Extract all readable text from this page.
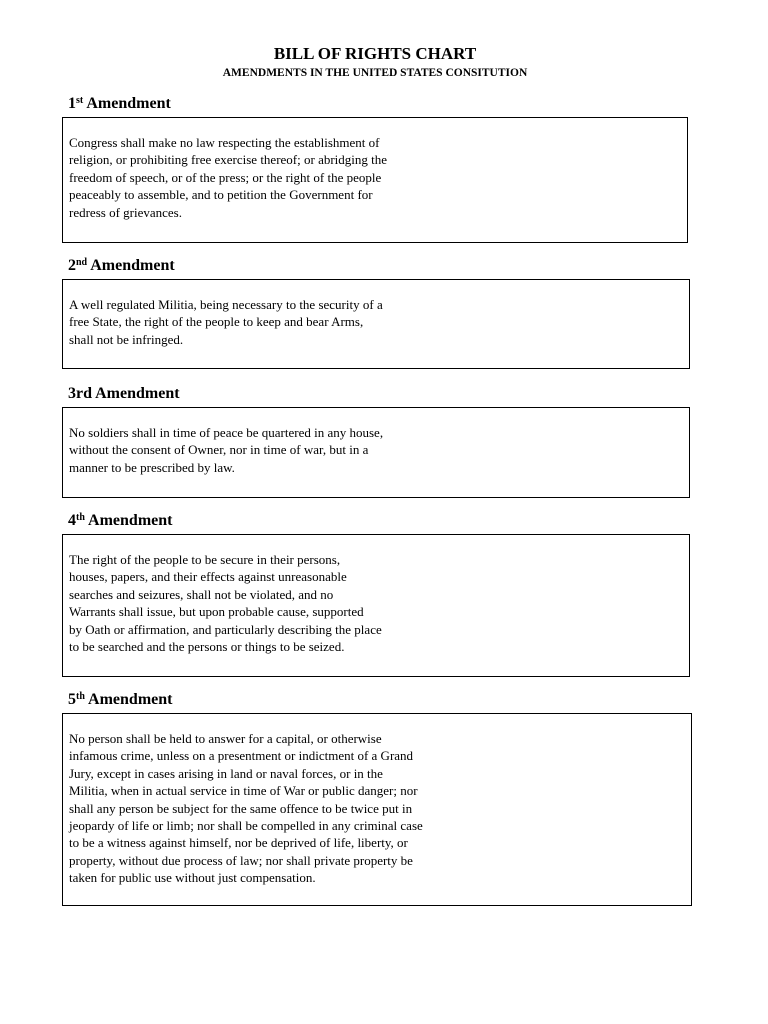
BILL OF RIGHTS CHART
AMENDMENTS IN THE UNITED STATES CONSITUTION
1st Amendment

Congress shall make no law respecting the establishment of
religion, or prohibiting free exercise thereof; or abridging the
freedom of speech, or of the press; or the right of the people
peaceably to assemble, and to petition the Government for
redress of grievances.

2nd Amendment

A well regulated Militia, being necessary to the security of a
free State, the right of the people to keep and bear Arms,
shall not be infringed.

3rd Amendment

No soldiers shall in time of peace be quartered in any house,
without the consent of Owner, nor in time of war, but in a
manner to be prescribed by law.

4th Amendment

The right of the people to be secure in their persons,
houses, papers, and their effects against unreasonable
searches and seizures, shall not be violated, and no
Warrants shall issue, but upon probable cause, supported
by Oath or affirmation, and particularly describing the place
to be searched and the persons or things to be seized.

5th Amendment

No person shall be held to answer for a capital, or otherwise
infamous crime, unless on a presentment or indictment of a Grand
Jury, except in cases arising in land or naval forces, or in the
Militia, when in actual service in time of War or public danger; nor
shall any person be subject for the same offence to be twice put in
jeopardy of life or limb; nor shall be compelled in any criminal case
to be a witness against himself, nor be deprived of life, liberty, or
property, without due process of law; nor shall private property be
taken for public use without just compensation.
